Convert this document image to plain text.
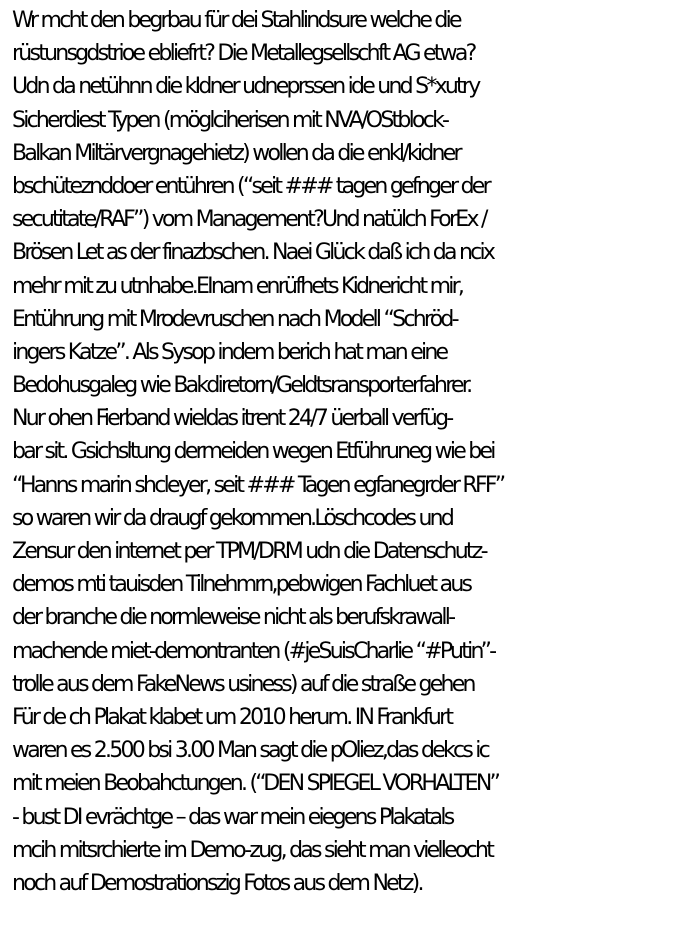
Wr mcht den begrbau für dei Stahlindsure welche die
rüstunsgdstrioe ebliefrt? Die Metallegsellschft AG etwa?
Udn da netühnn die kIdner udneprssen ide und S*xutry
Sicherdiest Typen (möglciherisen mit NVA/OStblock-
Balkan Miltärvergnagehietz) wollen da die enkl/kidner
bschüteznddoer entühren (“seit ### tagen gefnger der
secutitate/RAF”) vom Management?Und natülch ForEx /
Brösen Let as der finazbschen. Naei Glück daß ich da ncix
mehr mit zu utnhabe.EInam enrüfhets Kidnericht mir,
Entührung mit Mrodevruschen nach Modell “Schröd-
ingers Katze”. Als Sysop indem berich hat man eine
Bedohusgaleg wie Bakdiretorn/Geldtsransporterfahrer.
Nur ohen Fierband wieldas itrent 24/7 üerball verfüg-
bar sit. Gsichsltung dermeiden wegen Etführuneg wie bei
“Hanns marin shcleyer, seit ### Tagen egfanegrder RFF”
so waren wir da draugf gekommen.Löschcodes und
Zensur den internet per TPM/DRM udn die Datenschutz-
demos mti tauisden Tilnehmrn,pebwigen Fachluet aus
der branche die normleweise nicht als berufskrawall-
machende miet-demontranten (#jeSuisCharlie “#Putin”-
trolle aus dem FakeNews usiness) auf die straße gehen
Für de ch Plakat klabet um 2010 herum. IN Frankfurt
waren es 2.500 bsi 3.00 Man sagt die pOliez,das dekcs ic
mit meien Beobahctungen. (“DEN SPIEGEL VORHALTEN”
- bust DI evrächtge – das war mein eiegens Plakatals
mcih mitsrchierte im Demo-zug, das sieht man vielleocht
noch auf Demostrationszig Fotos aus dem Netz).
